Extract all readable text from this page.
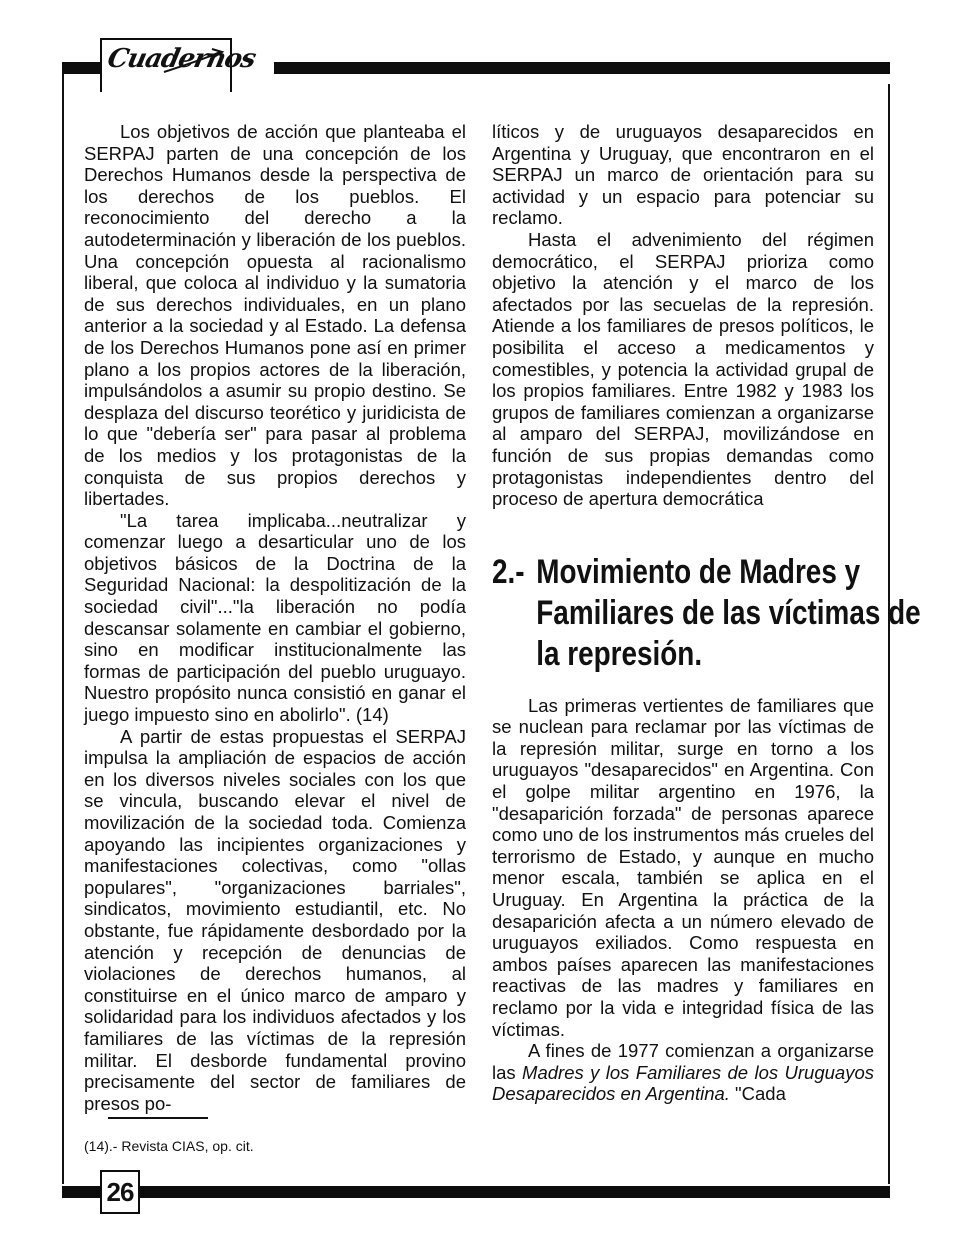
Cuadernos
26

Los objetivos de acción que planteaba el SERPAJ parten de una concepción de los Derechos Humanos desde la perspectiva de los derechos de los pueblos. El reconocimiento del derecho a la autodeterminación y liberación de los pueblos. Una concepción opuesta al racionalismo liberal, que coloca al individuo y la sumatoria de sus derechos individuales, en un plano anterior a la sociedad y al Estado. La defensa de los Derechos Humanos pone así en primer plano a los propios actores de la liberación, impulsándolos a asumir su propio destino. Se desplaza del discurso teorético y juridicista de lo que "debería ser" para pasar al problema de los medios y los protagonistas de la conquista de sus propios derechos y libertades.

"La tarea implicaba...neutralizar y comenzar luego a desarticular uno de los objetivos básicos de la Doctrina de la Seguridad Nacional: la despolitización de la sociedad civil"..."la liberación no podía descansar solamente en cambiar el gobierno, sino en modificar institucionalmente las formas de participación del pueblo uruguayo. Nuestro propósito nunca consistió en ganar el juego impuesto sino en abolirlo". (14)

A partir de estas propuestas el SERPAJ impulsa la ampliación de espacios de acción en los diversos niveles sociales con los que se vincula, buscando elevar el nivel de movilización de la sociedad toda. Comienza apoyando las incipientes organizaciones y manifestaciones colectivas, como "ollas populares", "organizaciones barriales", sindicatos, movimiento estudiantil, etc. No obstante, fue rápidamente desbordado por la atención y recepción de denuncias de violaciones de derechos humanos, al constituirse en el único marco de amparo y solidaridad para los individuos afectados y los familiares de las víctimas de la represión militar. El desborde fundamental provino precisamente del sector de familiares de presos po-

(14).- Revista CIAS, op. cit.

líticos y de uruguayos desaparecidos en Argentina y Uruguay, que encontraron en el SERPAJ un marco de orientación para su actividad y un espacio para potenciar su reclamo.

Hasta el advenimiento del régimen democrático, el SERPAJ prioriza como objetivo la atención y el marco de los afectados por las secuelas de la represión. Atiende a los familiares de presos políticos, le posibilita el acceso a medicamentos y comestibles, y potencia la actividad grupal de los propios familiares. Entre 1982 y 1983 los grupos de familiares comienzan a organizarse al amparo del SERPAJ, movilizándose en función de sus propias demandas como protagonistas independientes dentro del proceso de apertura democrática

2.- Movimiento de Madres y Familiares de las víctimas de la represión.

Las primeras vertientes de familiares que se nuclean para reclamar por las víctimas de la represión militar, surge en torno a los uruguayos "desaparecidos" en Argentina. Con el golpe militar argentino en 1976, la "desaparición forzada" de personas aparece como uno de los instrumentos más crueles del terrorismo de Estado, y aunque en mucho menor escala, también se aplica en el Uruguay. En Argentina la práctica de la desaparición afecta a un número elevado de uruguayos exiliados. Como respuesta en ambos países aparecen las manifestaciones reactivas de las madres y familiares en reclamo por la vida e integridad física de las víctimas.

A fines de 1977 comienzan a organizarse las Madres y los Familiares de los Uruguayos Desaparecidos en Argentina. "Cada
